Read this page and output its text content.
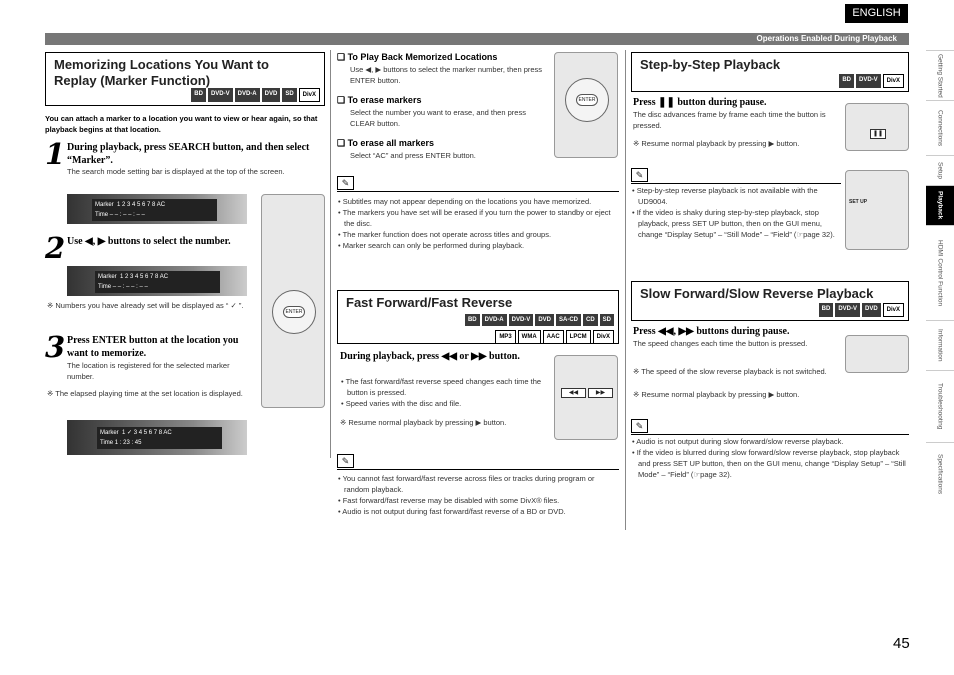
ENGLISH
Operations Enabled During Playback
Getting Started
Connections
Setup
Playback
HDMI Control Function
Information
Troubleshooting
Specifications
Memorizing Locations You Want to Replay (Marker Function)
BD	DVD-V	DVD-A	DVD	SD	DivX
You can attach a marker to a location you want to view or hear again, so that playback begins at that location.
1 During playback, press SEARCH button, and then select “Marker”.
The search mode setting bar is displayed at the top of the screen.
Marker 1 2 3 4 5 6 7 8 AC
Time – – : – – : – –
ENTER
2 Use ◀, ▶ buttons to select the number.
Marker 1 2 3 4 5 6 7 8 AC
Time – – : – – : – –
※ Numbers you have already set will be displayed as “ ✓ ”.
3 Press ENTER button at the location you want to memorize.
The location is registered for the selected marker number.
※ The elapsed playing time at the set location is displayed.
Marker 1 ✓ 3 4 5 6 7 8 AC
Time 1 : 23 : 45
❑ To Play Back Memorized Locations
Use ◀, ▶ buttons to select the marker number, then press ENTER button.
❑ To erase markers
Select the number you want to erase, and then press CLEAR button.
❑ To erase all markers
Select “AC” and press ENTER button.
ENTER
✎
• Subtitles may not appear depending on the locations you have memorized.
• The markers you have set will be erased if you turn the power to standby or eject the disc.
• The marker function does not operate across titles and groups.
• Marker search can only be performed during playback.
Fast Forward/Fast Reverse
BD	DVD-A	DVD-V	DVD	SA-CD	CD	SD
MP3	WMA	AAC	LPCM	DivX
During playback, press ◀◀ or ▶▶ button.
• The fast forward/fast reverse speed changes each time the button is pressed.
• Speed varies with the disc and file.
※ Resume normal playback by pressing ▶ button.
◀◀	▶▶
✎
• You cannot fast forward/fast reverse across files or tracks during program or random playback.
• Fast forward/fast reverse may be disabled with some DivX® files.
• Audio is not output during fast forward/fast reverse of a BD or DVD.
Step-by-Step Playback
BD	DVD-V	DivX
Press ❚❚ button during pause.
The disc advances frame by frame each time the button is pressed.
※ Resume normal playback by pressing ▶ button.
❚❚
✎
• Step-by-step reverse playback is not available with the UD9004.
• If the video is shaky during step-by-step playback, stop playback, press SET UP button, then on the GUI menu, change “Display Setup” – “Still Mode” – “Field” (☞page 32).
SET UP
Slow Forward/Slow Reverse Playback
BD	DVD-V	DVD	DivX
Press ◀◀, ▶▶ buttons during pause.
The speed changes each time the button is pressed.
※ The speed of the slow reverse playback is not switched.
※ Resume normal playback by pressing ▶ button.
✎
• Audio is not output during slow forward/slow reverse playback.
• If the video is blurred during slow forward/slow reverse playback, stop playback and press SET UP button, then on the GUI menu, change “Display Setup” – “Still Mode” – “Field” (☞page 32).
45
